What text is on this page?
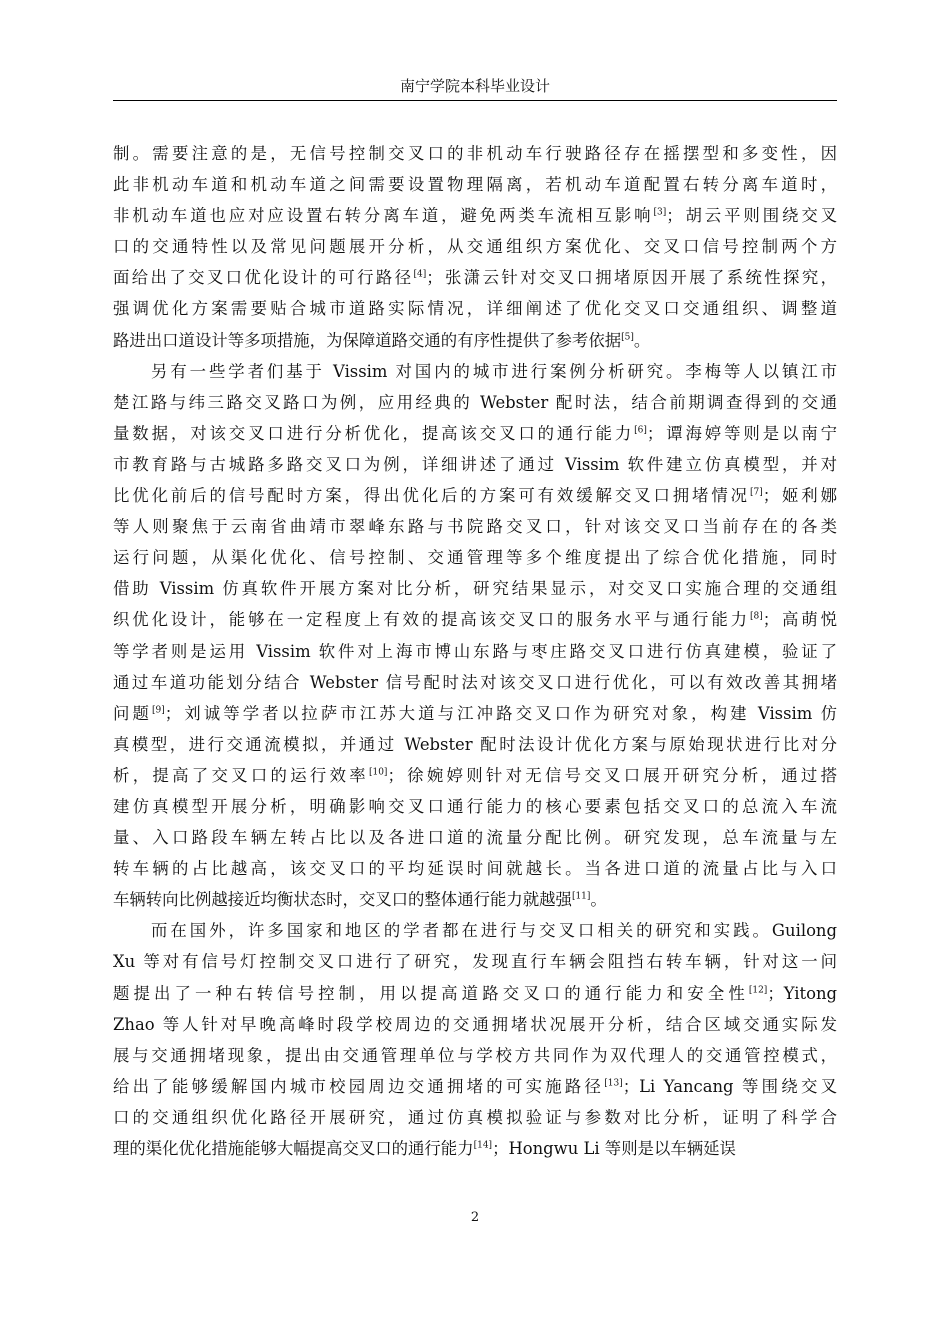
南宁学院本科毕业设计
制。需要注意的是，无信号控制交叉口的非机动车行驶路径存在摇摆型和多变性，因
此非机动车道和机动车道之间需要设置物理隔离，若机动车道配置右转分离车道时，
非机动车道也应对应设置右转分离车道，避免两类车流相互影响[3]；胡云平则围绕交叉
口的交通特性以及常见问题展开分析，从交通组织方案优化、交叉口信号控制两个方
面给出了交叉口优化设计的可行路径[4]；张潇云针对交叉口拥堵原因开展了系统性探究，
强调优化方案需要贴合城市道路实际情况，详细阐述了优化交叉口交通组织、调整道
路进出口道设计等多项措施，为保障道路交通的有序性提供了参考依据[5]。
另有一些学者们基于 Vissim 对国内的城市进行案例分析研究。李梅等人以镇江市
楚江路与纬三路交叉路口为例，应用经典的 Webster 配时法，结合前期调查得到的交通
量数据，对该交叉口进行分析优化，提高该交叉口的通行能力[6]；谭海婷等则是以南宁
市教育路与古城路多路交叉口为例，详细讲述了通过 Vissim 软件建立仿真模型，并对
比优化前后的信号配时方案，得出优化后的方案可有效缓解交叉口拥堵情况[7]；姬利娜
等人则聚焦于云南省曲靖市翠峰东路与书院路交叉口，针对该交叉口当前存在的各类
运行问题，从渠化优化、信号控制、交通管理等多个维度提出了综合优化措施，同时
借助 Vissim 仿真软件开展方案对比分析，研究结果显示，对交叉口实施合理的交通组
织优化设计，能够在一定程度上有效的提高该交叉口的服务水平与通行能力[8]；高萌悦
等学者则是运用 Vissim 软件对上海市博山东路与枣庄路交叉口进行仿真建模，验证了
通过车道功能划分结合 Webster 信号配时法对该交叉口进行优化，可以有效改善其拥堵
问题[9]；刘诚等学者以拉萨市江苏大道与江冲路交叉口作为研究对象，构建 Vissim 仿
真模型，进行交通流模拟，并通过 Webster 配时法设计优化方案与原始现状进行比对分
析，提高了交叉口的运行效率[10]；徐婉婷则针对无信号交叉口展开研究分析，通过搭
建仿真模型开展分析，明确影响交叉口通行能力的核心要素包括交叉口的总流入车流
量、入口路段车辆左转占比以及各进口道的流量分配比例。研究发现，总车流量与左
转车辆的占比越高，该交叉口的平均延误时间就越长。当各进口道的流量占比与入口
车辆转向比例越接近均衡状态时，交叉口的整体通行能力就越强[11]。
而在国外，许多国家和地区的学者都在进行与交叉口相关的研究和实践。Guilong
Xu 等对有信号灯控制交叉口进行了研究，发现直行车辆会阻挡右转车辆，针对这一问
题提出了一种右转信号控制，用以提高道路交叉口的通行能力和安全性[12]；Yitong
Zhao 等人针对早晚高峰时段学校周边的交通拥堵状况展开分析，结合区域交通实际发
展与交通拥堵现象，提出由交通管理单位与学校方共同作为双代理人的交通管控模式，
给出了能够缓解国内城市校园周边交通拥堵的可实施路径[13]；Li Yancang 等围绕交叉
口的交通组织优化路径开展研究，通过仿真模拟验证与参数对比分析，证明了科学合
理的渠化优化措施能够大幅提高交叉口的通行能力[14]；Hongwu Li 等则是以车辆延误
2
